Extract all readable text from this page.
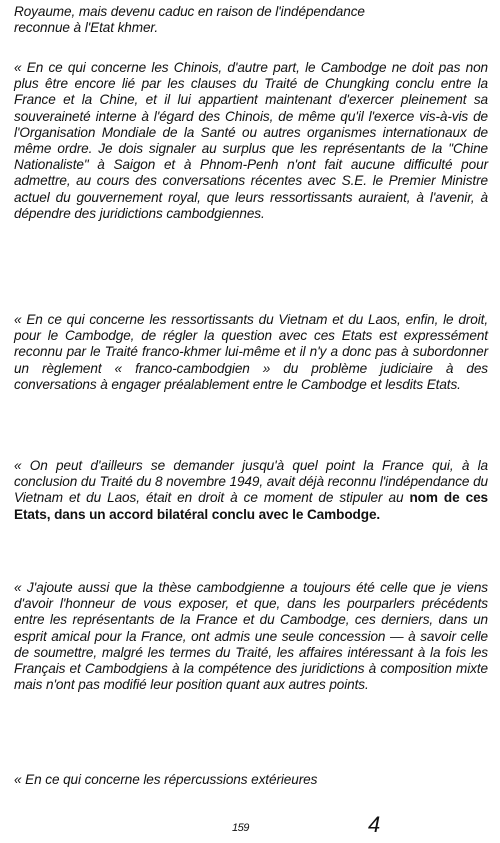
Royaume, mais devenu caduc en raison de l'indépendance
reconnue à l'Etat khmer.

« En ce qui concerne les Chinois, d'autre part, le Cambodge ne doit pas non plus être encore lié par les clauses du Traité de Chungking conclu entre la France et la Chine, et il lui appartient maintenant d'exercer pleinement sa souveraineté interne à l'égard des Chinois, de même qu'il l'exerce vis-à-vis de l'Organisation Mondiale de la Santé ou autres organismes internationaux de même ordre. Je dois signaler au surplus que les représentants de la "Chine Nationaliste" à Saigon et à Phnom-Penh n'ont fait aucune difficulté pour admettre, au cours des conversations récentes avec S.E. le Premier Ministre actuel du gouvernement royal, que leurs ressortissants auraient, à l'avenir, à dépendre des juridictions cambodgiennes.

« En ce qui concerne les ressortissants du Vietnam et du Laos, enfin, le droit, pour le Cambodge, de régler la question avec ces Etats est expressément reconnu par le Traité franco-khmer lui-même et il n'y a donc pas à subordonner un règlement « franco-cambodgien » du problème judiciaire à des conversations à engager préalablement entre le Cambodge et lesdits Etats.

« On peut d'ailleurs se demander jusqu'à quel point la France qui, à la conclusion du Traité du 8 novembre 1949, avait déjà reconnu l'indépendance du Vietnam et du Laos, était en droit à ce moment de stipuler au nom de ces Etats, dans un accord bilatéral conclu avec le Cambodge.

« J'ajoute aussi que la thèse cambodgienne a toujours été celle que je viens d'avoir l'honneur de vous exposer, et que, dans les pourparlers précédents entre les représentants de la France et du Cambodge, ces derniers, dans un esprit amical pour la France, ont admis une seule concession — à savoir celle de soumettre, malgré les termes du Traité, les affaires intéressant à la fois les Français et Cambodgiens à la compétence des juridictions à composition mixte mais n'ont pas modifié leur position quant aux autres points.

« En ce qui concerne les répercussions extérieures

159	4
